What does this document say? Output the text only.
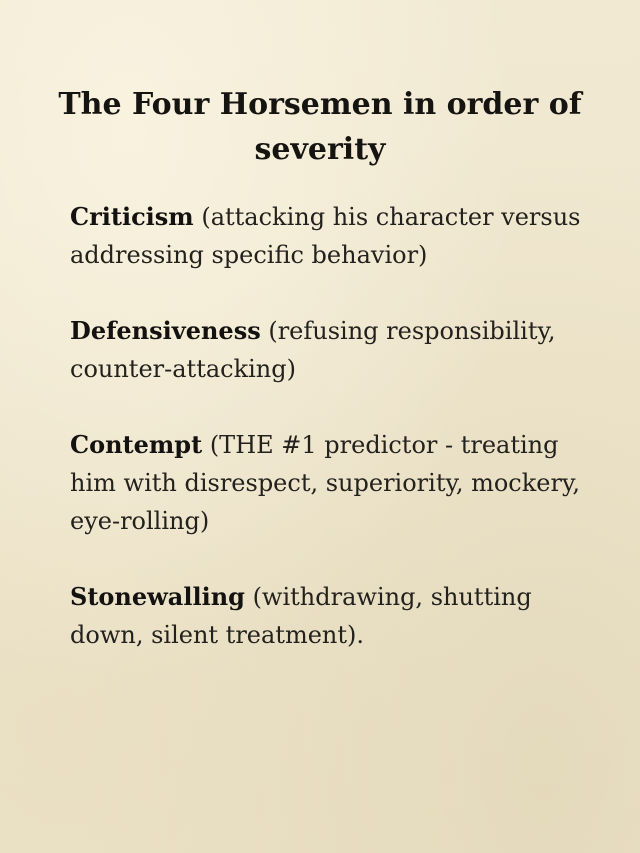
The Four Horsemen in order of severity
Criticism (attacking his character versus addressing specific behavior)
Defensiveness (refusing responsibility, counter-attacking)
Contempt (THE #1 predictor - treating him with disrespect, superiority, mockery, eye-rolling)
Stonewalling (withdrawing, shutting down, silent treatment).
